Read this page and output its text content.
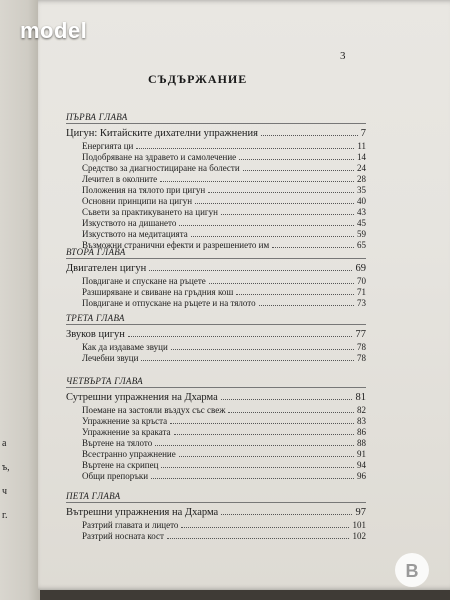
а
ъ,
ч
г.
model
3
СЪДЪРЖАНИЕ
ПЪРВА ГЛАВА
Цигун: Китайските дихателни упражнения	7
Енергията ци	11
Подобряване на здравето и самолечение	14
Средство за диагностициране на болести	24
Лечител в околните	28
Положения на тялото при цигун	35
Основни принципи на цигун	40
Съвети за практикуването на цигун	43
Изкуството на дишането	45
Изкуството на медитацията	59
Възможни странични ефекти и разрешението им	65
ВТОРА ГЛАВА
Двигателен цигун	69
Повдигане и спускане на ръцете	70
Разширяване и свиване на гръдния кош	71
Повдигане и отпускане на ръцете и на тялото	73
ТРЕТА ГЛАВА
Звуков цигун	77
Как да издаваме звуци	78
Лечебни звуци	78
ЧЕТВЪРТА ГЛАВА
Сутрешни упражнения на Дхарма	81
Поемане на застояли въздух със свеж	82
Упражнение за кръста	83
Упражнение за краката	86
Въртене на тялото	88
Всестранно упражнение	91
Въртене на скрипец	94
Общи препоръки	96
ПЕТА ГЛАВА
Вътрешни упражнения на Дхарма	97
Разтрий главата и лицето	101
Разтрий носната кост	102
B
